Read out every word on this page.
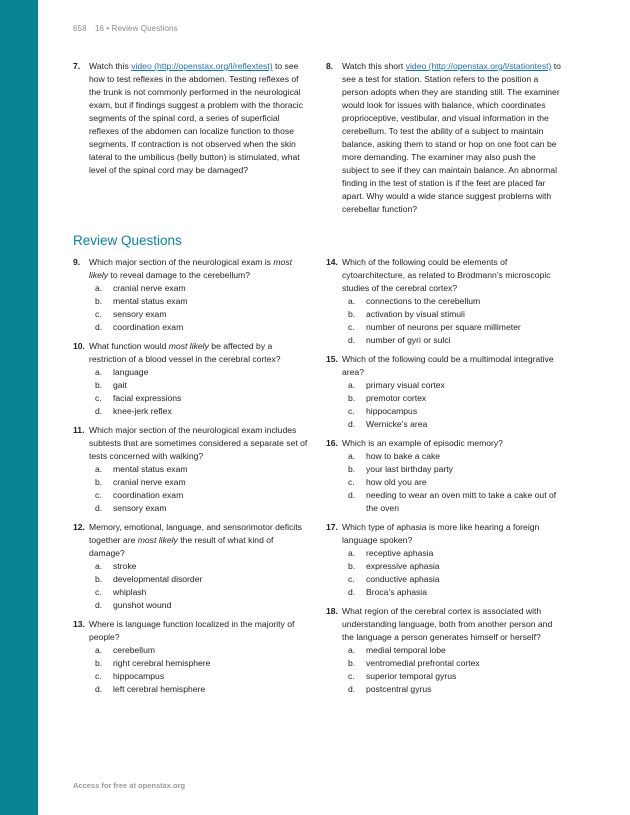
658 16 • Review Questions
7. Watch this video (http://openstax.org/l/reflextest) to see how to test reflexes in the abdomen. Testing reflexes of the trunk is not commonly performed in the neurological exam, but if findings suggest a problem with the thoracic segments of the spinal cord, a series of superficial reflexes of the abdomen can localize function to those segments. If contraction is not observed when the skin lateral to the umbilicus (belly button) is stimulated, what level of the spinal cord may be damaged?
8. Watch this short video (http://openstax.org/l/stationtest) to see a test for station. Station refers to the position a person adopts when they are standing still. The examiner would look for issues with balance, which coordinates proprioceptive, vestibular, and visual information in the cerebellum. To test the ability of a subject to maintain balance, asking them to stand or hop on one foot can be more demanding. The examiner may also push the subject to see if they can maintain balance. An abnormal finding in the test of station is if the feet are placed far apart. Why would a wide stance suggest problems with cerebellar function?
Review Questions
9. Which major section of the neurological exam is most likely to reveal damage to the cerebellum?
a. cranial nerve exam
b. mental status exam
c. sensory exam
d. coordination exam
10. What function would most likely be affected by a restriction of a blood vessel in the cerebral cortex?
a. language
b. gait
c. facial expressions
d. knee-jerk reflex
11. Which major section of the neurological exam includes subtests that are sometimes considered a separate set of tests concerned with walking?
a. mental status exam
b. cranial nerve exam
c. coordination exam
d. sensory exam
12. Memory, emotional, language, and sensorimotor deficits together are most likely the result of what kind of damage?
a. stroke
b. developmental disorder
c. whiplash
d. gunshot wound
13. Where is language function localized in the majority of people?
a. cerebellum
b. right cerebral hemisphere
c. hippocampus
d. left cerebral hemisphere
14. Which of the following could be elements of cytoarchitecture, as related to Brodmann’s microscopic studies of the cerebral cortex?
a. connections to the cerebellum
b. activation by visual stimuli
c. number of neurons per square millimeter
d. number of gyri or sulci
15. Which of the following could be a multimodal integrative area?
a. primary visual cortex
b. premotor cortex
c. hippocampus
d. Wernicke’s area
16. Which is an example of episodic memory?
a. how to bake a cake
b. your last birthday party
c. how old you are
d. needing to wear an oven mitt to take a cake out of the oven
17. Which type of aphasia is more like hearing a foreign language spoken?
a. receptive aphasia
b. expressive aphasia
c. conductive aphasia
d. Broca’s aphasia
18. What region of the cerebral cortex is associated with understanding language, both from another person and the language a person generates himself or herself?
a. medial temporal lobe
b. ventromedial prefrontal cortex
c. superior temporal gyrus
d. postcentral gyrus
Access for free at openstax.org
